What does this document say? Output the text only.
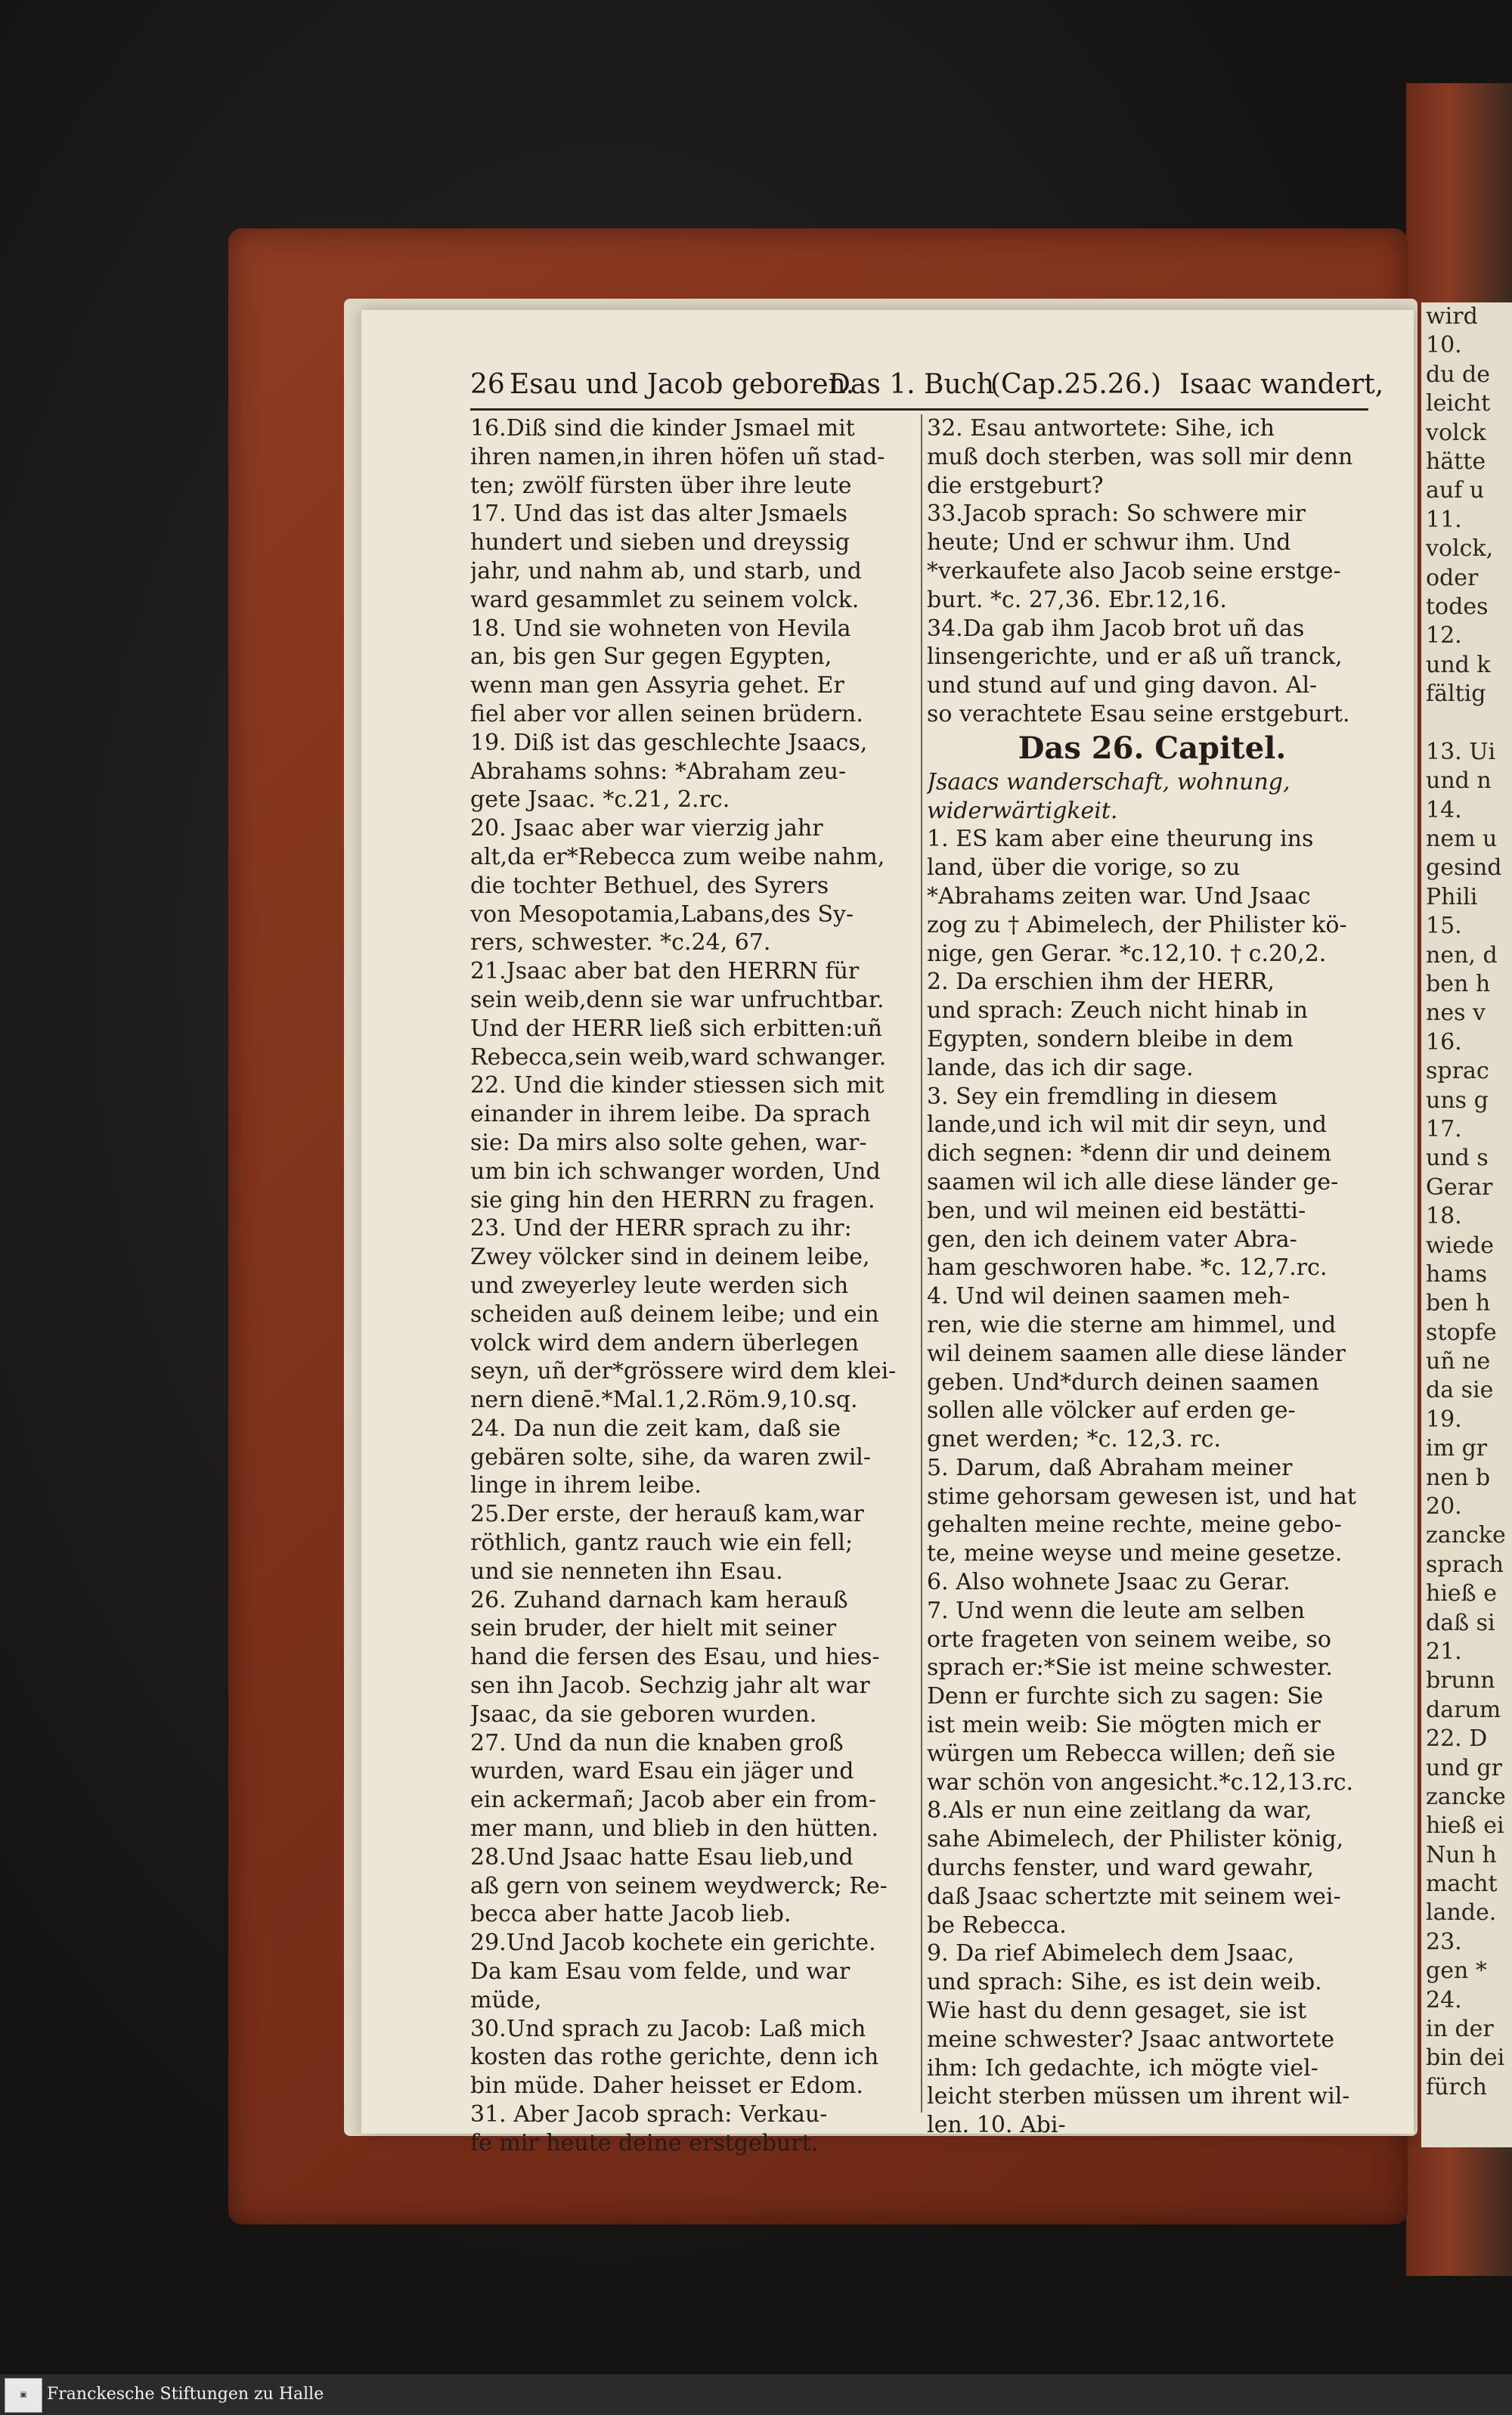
wird
10.
du de
leicht
volck
hätte
auf u
11.
volck,
oder
todes
12.
und k
fältig
13. Ui
und n
14.
nem u
gesind
Phili
15.
nen, d
ben h
nes v
16.
sprac
uns g
17.
und s
Gerar
18.
wiede
hams
ben h
stopfe
uñ ne
da sie
19.
im gr
nen b
20.
zancke
sprach
hieß e
daß si
21.
brunn
darum
22. D
und gr
zancke
hieß ei
Nun h
macht
lande.
23.
gen *
24.
in der
bin dei
fürch
26 Esau und Jacob geboren.
Das 1. Buch
(Cap.25.26.) Isaac wandert,
16.Diß sind die kinder Jsmael mit
ihren namen,in ihren höfen uñ stad-
ten; zwölf fürsten über ihre leute
17. Und das ist das alter Jsmaels
hundert und sieben und dreyssig
jahr, und nahm ab, und starb, und
ward gesammlet zu seinem volck.
18. Und sie wohneten von Hevila
an, bis gen Sur gegen Egypten,
wenn man gen Assyria gehet. Er
fiel aber vor allen seinen brüdern.
19. Diß ist das geschlechte Jsaacs,
Abrahams sohns: *Abraham zeu-
gete Jsaac. *c.21, 2.rc.
20. Jsaac aber war vierzig jahr
alt,da er*Rebecca zum weibe nahm,
die tochter Bethuel, des Syrers
von Mesopotamia,Labans,des Sy-
rers, schwester. *c.24, 67.
21.Jsaac aber bat den HERRN für
sein weib,denn sie war unfruchtbar.
Und der HERR ließ sich erbitten:uñ
Rebecca,sein weib,ward schwanger.
22. Und die kinder stiessen sich mit
einander in ihrem leibe. Da sprach
sie: Da mirs also solte gehen, war-
um bin ich schwanger worden, Und
sie ging hin den HERRN zu fragen.
23. Und der HERR sprach zu ihr:
Zwey völcker sind in deinem leibe,
und zweyerley leute werden sich
scheiden auß deinem leibe; und ein
volck wird dem andern überlegen
seyn, uñ der*grössere wird dem klei-
nern dienē.*Mal.1,2.Röm.9,10.sq.
24. Da nun die zeit kam, daß sie
gebären solte, sihe, da waren zwil-
linge in ihrem leibe.
25.Der erste, der herauß kam,war
röthlich, gantz rauch wie ein fell;
und sie nenneten ihn Esau.
26. Zuhand darnach kam herauß
sein bruder, der hielt mit seiner
hand die fersen des Esau, und hies-
sen ihn Jacob. Sechzig jahr alt war
Jsaac, da sie geboren wurden.
27. Und da nun die knaben groß
wurden, ward Esau ein jäger und
ein ackermañ; Jacob aber ein from-
mer mann, und blieb in den hütten.
28.Und Jsaac hatte Esau lieb,und
aß gern von seinem weydwerck; Re-
becca aber hatte Jacob lieb.
29.Und Jacob kochete ein gerichte.
Da kam Esau vom felde, und war
müde,
30.Und sprach zu Jacob: Laß mich
kosten das rothe gerichte, denn ich
bin müde. Daher heisset er Edom.
31. Aber Jacob sprach: Verkau-
fe mir heute deine erstgeburt.
32. Esau antwortete: Sihe, ich
muß doch sterben, was soll mir denn
die erstgeburt?
33.Jacob sprach: So schwere mir
heute; Und er schwur ihm. Und
*verkaufete also Jacob seine erstge-
burt. *c. 27,36. Ebr.12,16.
34.Da gab ihm Jacob brot uñ das
linsengerichte, und er aß uñ tranck,
und stund auf und ging davon. Al-
so verachtete Esau seine erstgeburt.
Das 26. Capitel.
Jsaacs wanderschaft, wohnung,
widerwärtigkeit.
1. ES kam aber eine theurung ins
land, über die vorige, so zu
*Abrahams zeiten war. Und Jsaac
zog zu † Abimelech, der Philister kö-
nige, gen Gerar. *c.12,10. † c.20,2.
2. Da erschien ihm der HERR,
und sprach: Zeuch nicht hinab in
Egypten, sondern bleibe in dem
lande, das ich dir sage.
3. Sey ein fremdling in diesem
lande,und ich wil mit dir seyn, und
dich segnen: *denn dir und deinem
saamen wil ich alle diese länder ge-
ben, und wil meinen eid bestätti-
gen, den ich deinem vater Abra-
ham geschworen habe. *c. 12,7.rc.
4. Und wil deinen saamen meh-
ren, wie die sterne am himmel, und
wil deinem saamen alle diese länder
geben. Und*durch deinen saamen
sollen alle völcker auf erden ge-
gnet werden; *c. 12,3. rc.
5. Darum, daß Abraham meiner
stime gehorsam gewesen ist, und hat
gehalten meine rechte, meine gebo-
te, meine weyse und meine gesetze.
6. Also wohnete Jsaac zu Gerar.
7. Und wenn die leute am selben
orte frageten von seinem weibe, so
sprach er:*Sie ist meine schwester.
Denn er furchte sich zu sagen: Sie
ist mein weib: Sie mögten mich er
würgen um Rebecca willen; deñ sie
war schön von angesicht.*c.12,13.rc.
8.Als er nun eine zeitlang da war,
sahe Abimelech, der Philister könig,
durchs fenster, und ward gewahr,
daß Jsaac schertzte mit seinem wei-
be Rebecca.
9. Da rief Abimelech dem Jsaac,
und sprach: Sihe, es ist dein weib.
Wie hast du denn gesaget, sie ist
meine schwester? Jsaac antwortete
ihm: Ich gedachte, ich mögte viel-
leicht sterben müssen um ihrent wil-
len. 10. Abi-
▣	Franckesche Stiftungen zu Halle
